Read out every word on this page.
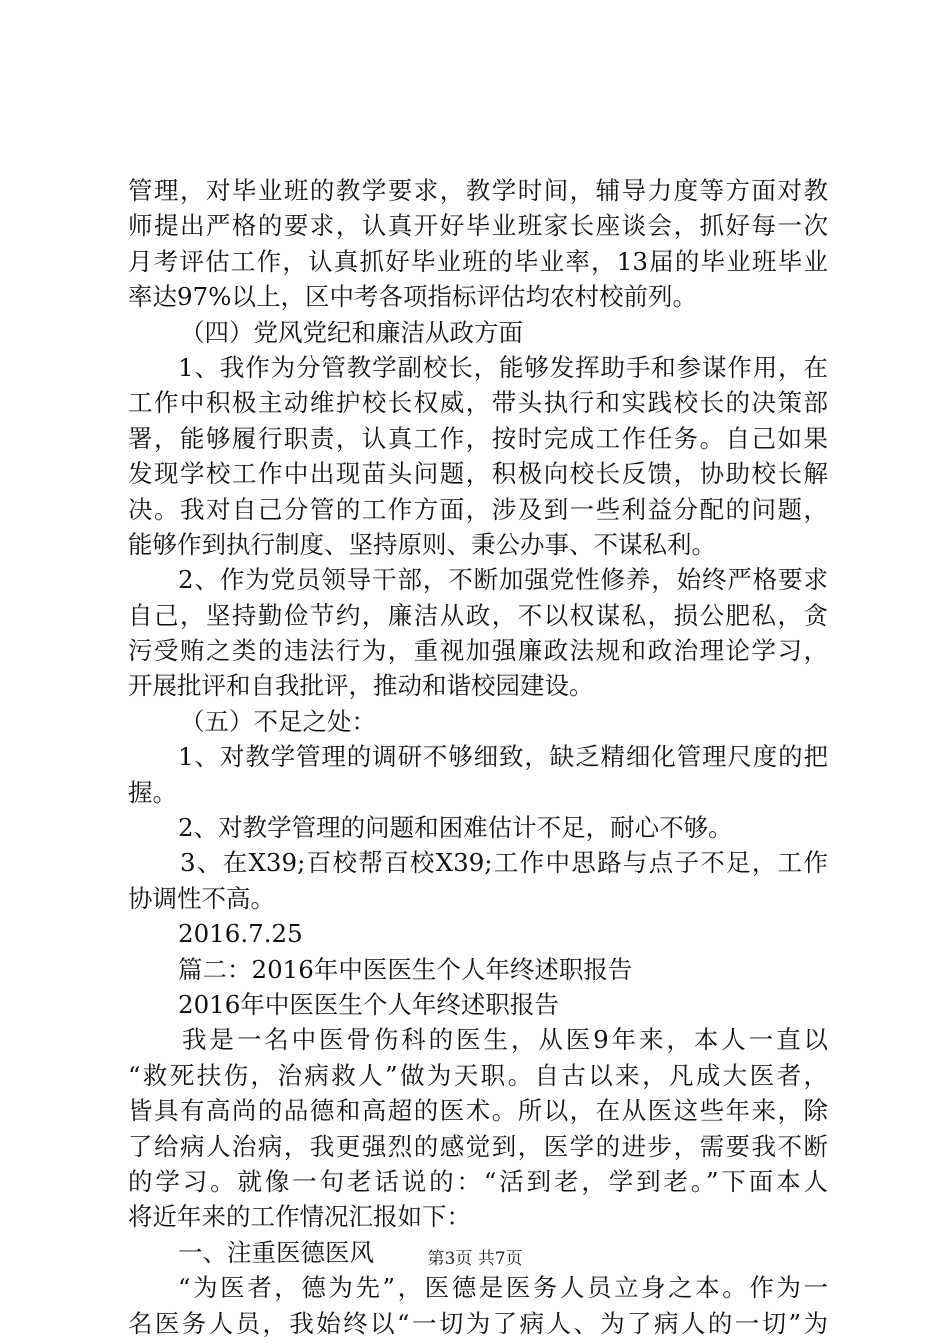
管理，对毕业班的教学要求，教学时间，辅导力度等方面对教
师提出严格的要求，认真开好毕业班家长座谈会，抓好每一次
月考评估工作，认真抓好毕业班的毕业率，13届的毕业班毕业
率达97%以上，区中考各项指标评估均农村校前列。
（四）党风党纪和廉洁从政方面
1、我作为分管教学副校长，能够发挥助手和参谋作用，在
工作中积极主动维护校长权威，带头执行和实践校长的决策部
署，能够履行职责，认真工作，按时完成工作任务。自己如果
发现学校工作中出现苗头问题，积极向校长反馈，协助校长解
决。我对自己分管的工作方面，涉及到一些利益分配的问题，
能够作到执行制度、坚持原则、秉公办事、不谋私利。
2、作为党员领导干部，不断加强党性修养，始终严格要求
自己，坚持勤俭节约，廉洁从政，不以权谋私，损公肥私，贪
污受贿之类的违法行为，重视加强廉政法规和政治理论学习，
开展批评和自我批评，推动和谐校园建设。
（五）不足之处：
1、对教学管理的调研不够细致，缺乏精细化管理尺度的把
握。
2、对教学管理的问题和困难估计不足，耐心不够。
3、在X39;百校帮百校X39;工作中思路与点子不足，工作
协调性不高。
2016.7.25
篇二：2016年中医医生个人年终述职报告
2016年中医医生个人年终述职报告
我是一名中医骨伤科的医生，从医9年来，本人一直以
“救死扶伤，治病救人”做为天职。自古以来，凡成大医者，
皆具有高尚的品德和高超的医术。所以，在从医这些年来，除
了给病人治病，我更强烈的感觉到，医学的进步，需要我不断
的学习。就像一句老话说的：“活到老，学到老。”下面本人
将近年来的工作情况汇报如下：
一、注重医德医风
“为医者，德为先”，医德是医务人员立身之本。作为一
名医务人员，我始终以“一切为了病人、为了病人的一切”为
第3页 共7页
